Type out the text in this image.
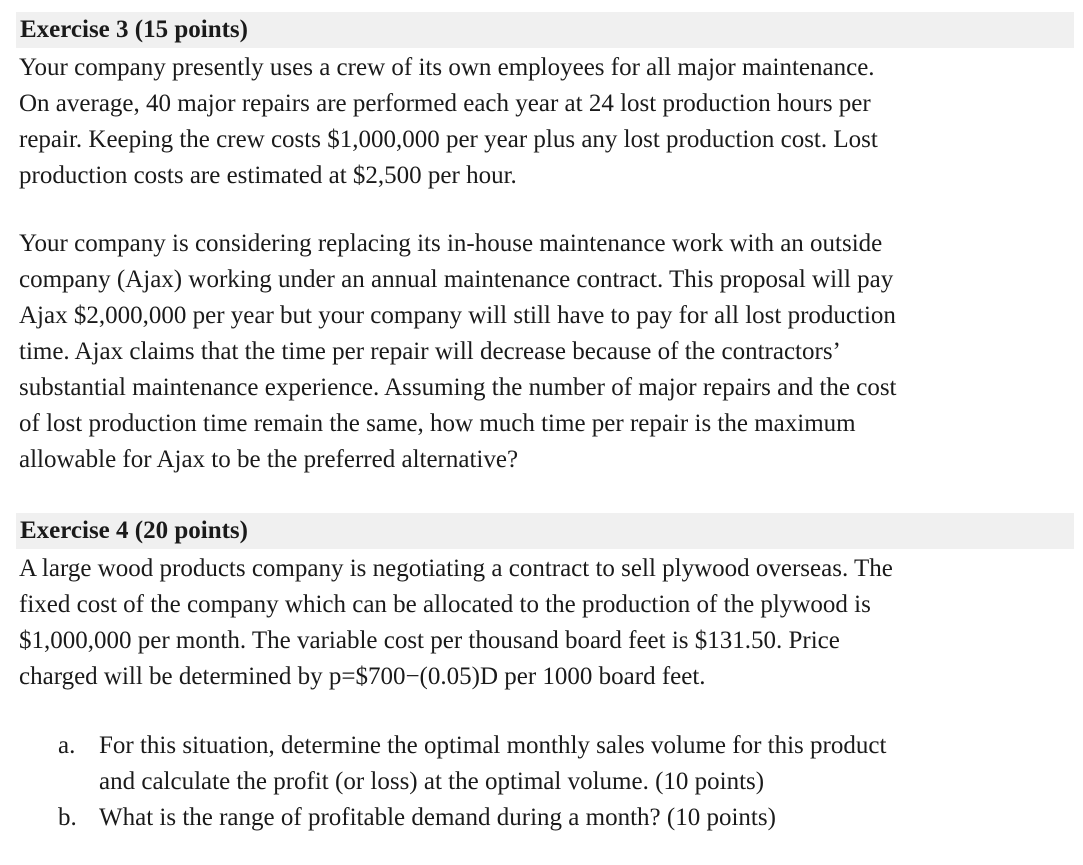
Exercise 3 (15 points)
Your company presently uses a crew of its own employees for all major maintenance.
On average, 40 major repairs are performed each year at 24 lost production hours per
repair. Keeping the crew costs $1,000,000 per year plus any lost production cost. Lost
production costs are estimated at $2,500 per hour.
Your company is considering replacing its in-house maintenance work with an outside
company (Ajax) working under an annual maintenance contract. This proposal will pay
Ajax $2,000,000 per year but your company will still have to pay for all lost production
time. Ajax claims that the time per repair will decrease because of the contractors’
substantial maintenance experience. Assuming the number of major repairs and the cost
of lost production time remain the same, how much time per repair is the maximum
allowable for Ajax to be the preferred alternative?
Exercise 4 (20 points)
A large wood products company is negotiating a contract to sell plywood overseas. The
fixed cost of the company which can be allocated to the production of the plywood is
$1,000,000 per month. The variable cost per thousand board feet is $131.50. Price
charged will be determined by p=$700−(0.05)D per 1000 board feet.
a. For this situation, determine the optimal monthly sales volume for this product
and calculate the profit (or loss) at the optimal volume. (10 points)
b. What is the range of profitable demand during a month? (10 points)
